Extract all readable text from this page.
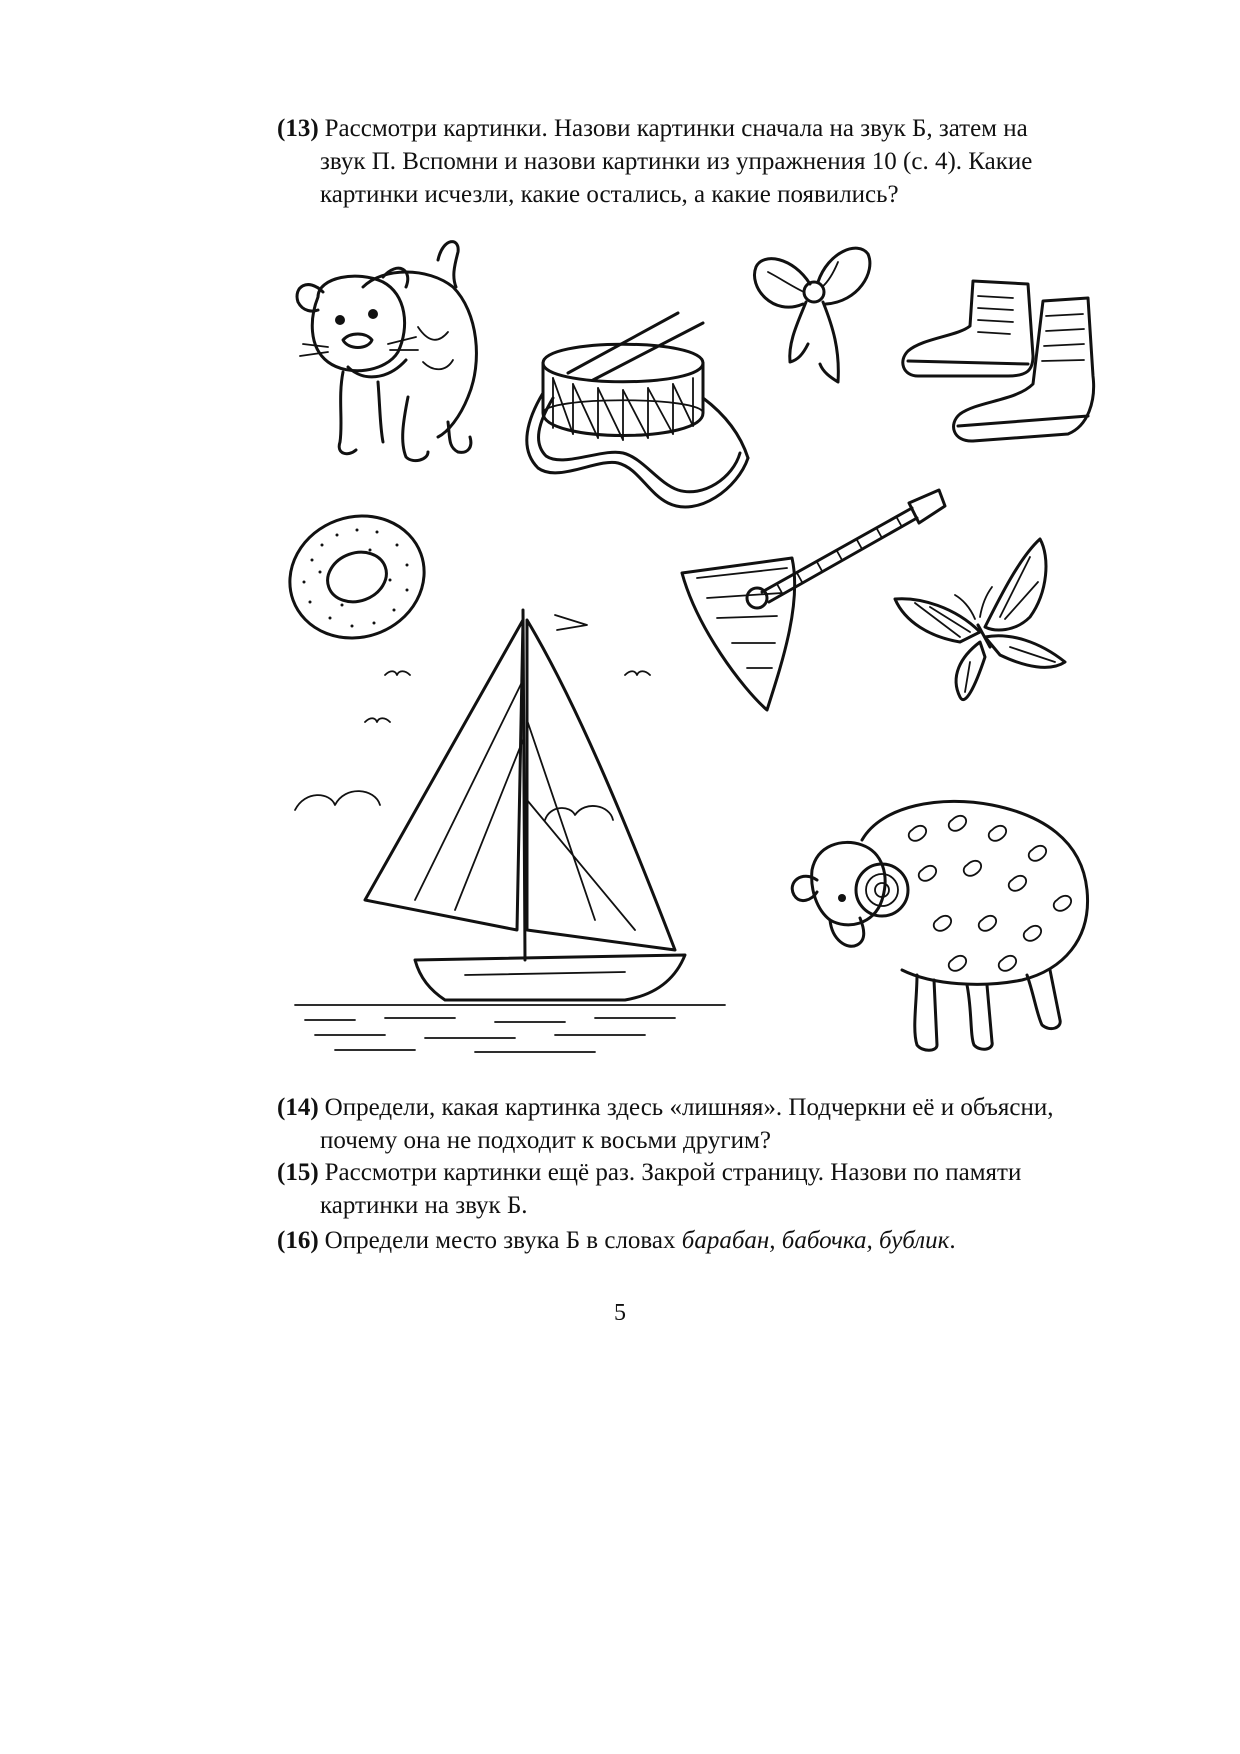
(13) Рассмотри картинки. Назови картинки сначала на звук Б, затем на

звук П. Вспомни и назови картинки из упражнения 10 (с. 4). Какие картинки исчезли, какие остались, а какие появились?

(14) Определи, какая картинка здесь «лишняя». Подчеркни её и объясни,

почему она не подходит к восьми другим?

(15) Рассмотри картинки ещё раз. Закрой страницу. Назови по памяти

картинки на звук Б.

(16) Определи место звука Б в словах барабан, бабочка, бублик.

5
